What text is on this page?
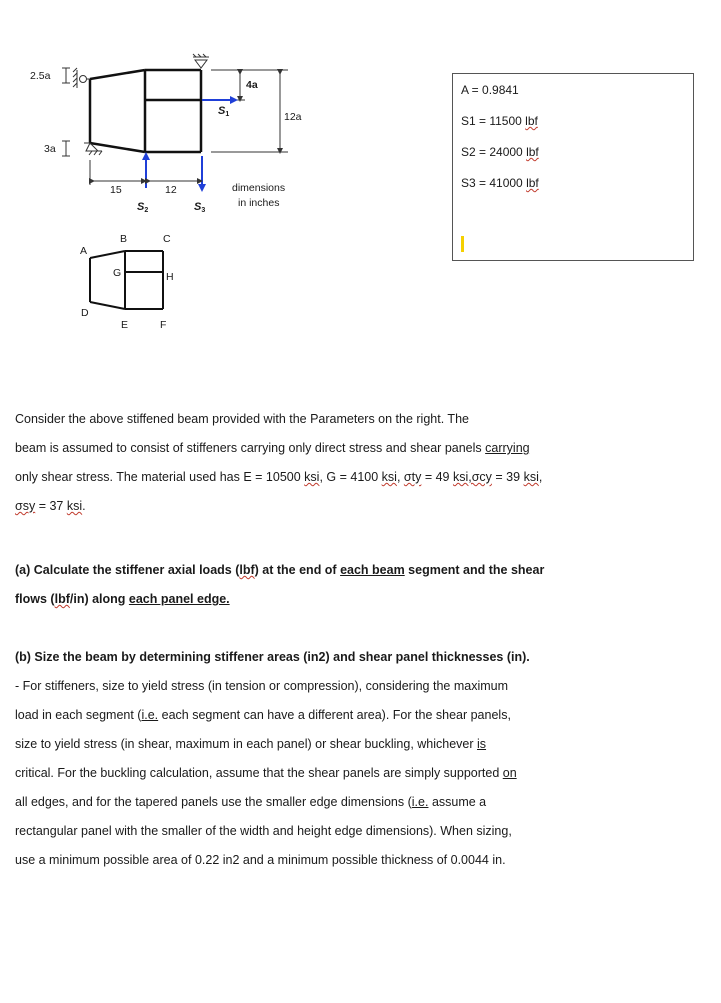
2.5a
3a
4a
12a
S1
S2	S3
15	12	dimensions
in inches
A
B	C
D
E	F
G	H
A = 0.9841
S1 = 11500 lbf
S2 = 24000 lbf
S3 = 41000 lbf

Consider the above stiffened beam provided with the Parameters on the right. The
beam is assumed to consist of stiffeners carrying only direct stress and shear panels carrying
only shear stress. The material used has E = 10500 ksi, G = 4100 ksi, σty = 49 ksi,σcy = 39 ksi,
σsy = 37 ksi.

(a) Calculate the stiffener axial loads (lbf) at the end of each beam segment and the shear
flows (lbf/in) along each panel edge.

(b) Size the beam by determining stiffener areas (in2) and shear panel thicknesses (in).
- For stiffeners, size to yield stress (in tension or compression), considering the maximum
load in each segment (i.e. each segment can have a different area). For the shear panels,
size to yield stress (in shear, maximum in each panel) or shear buckling, whichever is
critical. For the buckling calculation, assume that the shear panels are simply supported on
all edges, and for the tapered panels use the smaller edge dimensions (i.e. assume a
rectangular panel with the smaller of the width and height edge dimensions). When sizing,
use a minimum possible area of 0.22 in2 and a minimum possible thickness of 0.0044 in.
